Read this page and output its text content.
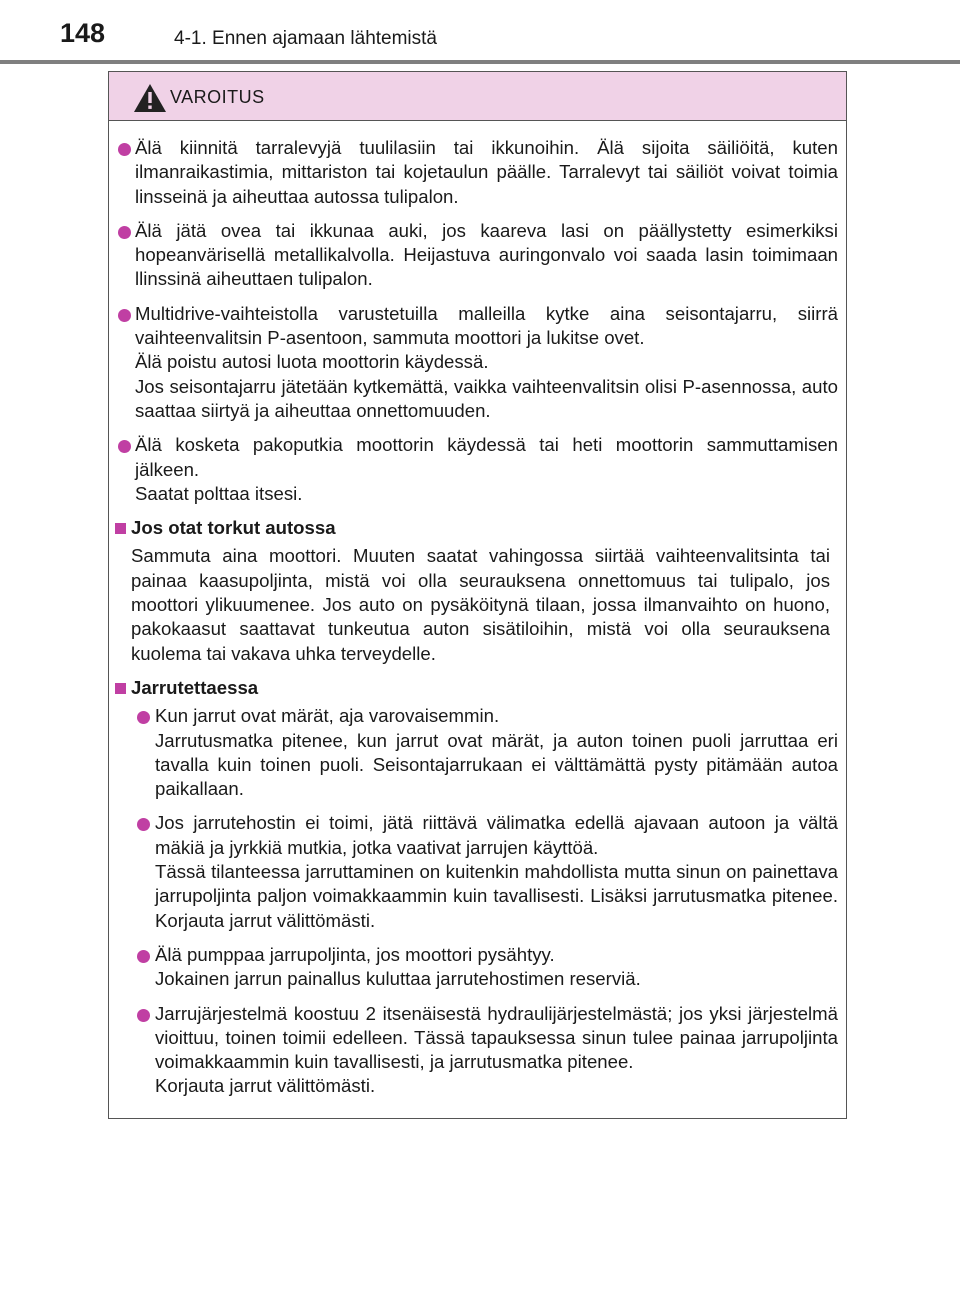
148	4-1. Ennen ajamaan lähtemistä
VAROITUS

Älä kiinnitä tarralevyjä tuulilasiin tai ikkunoihin. Älä sijoita säiliöitä, kuten ilmanraikastimia, mittariston tai kojetaulun päälle. Tarralevyt tai säiliöt voivat toimia linsseinä ja aiheuttaa autossa tulipalon.

Älä jätä ovea tai ikkunaa auki, jos kaareva lasi on päällystetty esimerkiksi hopeanvärisellä metallikalvolla. Heijastuva auringonvalo voi saada lasin toimimaan llinssinä aiheuttaen tulipalon.

Multidrive-vaihteistolla varustetuilla malleilla kytke aina seisontajarru, siirrä vaihteenvalitsin P-asentoon, sammuta moottori ja lukitse ovet.

Älä poistu autosi luota moottorin käydessä.

Jos seisontajarru jätetään kytkemättä, vaikka vaihteenvalitsin olisi P-asennossa, auto saattaa siirtyä ja aiheuttaa onnettomuuden.

Älä kosketa pakoputkia moottorin käydessä tai heti moottorin sammuttamisen jälkeen.

Saatat polttaa itsesi.

Jos otat torkut autossa

Sammuta aina moottori. Muuten saatat vahingossa siirtää vaihteenvalitsinta tai painaa kaasupoljinta, mistä voi olla seurauksena onnettomuus tai tulipalo, jos moottori ylikuumenee. Jos auto on pysäköitynä tilaan, jossa ilmanvaihto on huono, pakokaasut saattavat tunkeutua auton sisätiloihin, mistä voi olla seurauksena kuolema tai vakava uhka terveydelle.

Jarrutettaessa

Kun jarrut ovat märät, aja varovaisemmin.

Jarrutusmatka pitenee, kun jarrut ovat märät, ja auton toinen puoli jarruttaa eri tavalla kuin toinen puoli. Seisontajarrukaan ei välttämättä pysty pitämään autoa paikallaan.

Jos jarrutehostin ei toimi, jätä riittävä välimatka edellä ajavaan autoon ja vältä mäkiä ja jyrkkiä mutkia, jotka vaativat jarrujen käyttöä.

Tässä tilanteessa jarruttaminen on kuitenkin mahdollista mutta sinun on painettava jarrupoljinta paljon voimakkaammin kuin tavallisesti. Lisäksi jarrutusmatka pitenee. Korjauta jarrut välittömästi.

Älä pumppaa jarrupoljinta, jos moottori pysähtyy.

Jokainen jarrun painallus kuluttaa jarrutehostimen reserviä.

Jarrujärjestelmä koostuu 2 itsenäisestä hydraulijärjestelmästä; jos yksi järjestelmä vioittuu, toinen toimii edelleen. Tässä tapauksessa sinun tulee painaa jarrupoljinta voimakkaammin kuin tavallisesti, ja jarrutusmatka pitenee.

Korjauta jarrut välittömästi.
